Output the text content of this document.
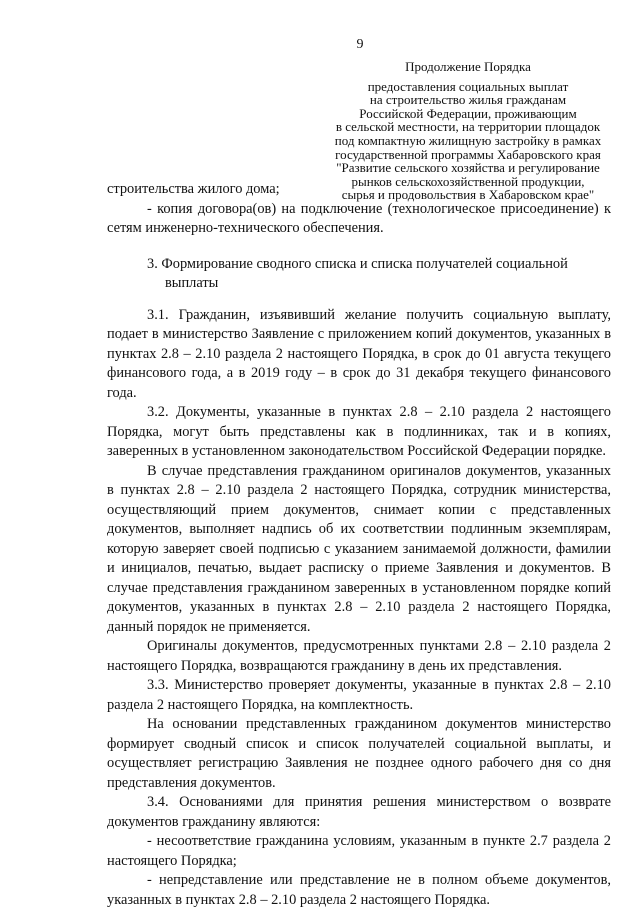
9
Продолжение Порядка
предоставления социальных выплат
на строительство жилья гражданам
Российской Федерации, проживающим
в сельской местности, на территории площадок
под компактную жилищную застройку в рамках
государственной программы Хабаровского края
"Развитие сельского хозяйства и регулирование
рынков сельскохозяйственной продукции,
сырья и продовольствия в Хабаровском крае"

строительства жилого дома;

- копия договора(ов) на подключение (технологическое присоединение) к сетям инженерно-технического обеспечения.

3. Формирование сводного списка и списка получателей социальной
выплаты

3.1. Гражданин, изъявивший желание получить социальную выплату, подает в министерство Заявление с приложением копий документов, указанных в пунктах 2.8 – 2.10 раздела 2 настоящего Порядка, в срок до 01 августа текущего финансового года, а в 2019 году – в срок до 31 декабря текущего финансового года.

3.2. Документы, указанные в пунктах 2.8 – 2.10 раздела 2 настоящего Порядка, могут быть представлены как в подлинниках, так и в копиях, заверенных в установленном законодательством Российской Федерации порядке.

В случае представления гражданином оригиналов документов, указанных в пунктах 2.8 – 2.10 раздела 2 настоящего Порядка, сотрудник министерства, осуществляющий прием документов, снимает копии с представленных документов, выполняет надпись об их соответствии подлинным экземплярам, которую заверяет своей подписью с указанием занимаемой должности, фамилии и инициалов, печатью, выдает расписку о приеме Заявления и документов. В случае представления гражданином заверенных в установленном порядке копий документов, указанных в пунктах 2.8 – 2.10 раздела 2 настоящего Порядка, данный порядок не применяется.

Оригиналы документов, предусмотренных пунктами 2.8 – 2.10 раздела 2 настоящего Порядка, возвращаются гражданину в день их представления.

3.3. Министерство проверяет документы, указанные в пунктах 2.8 – 2.10 раздела 2 настоящего Порядка, на комплектность.

На основании представленных гражданином документов министерство формирует сводный список и список получателей социальной выплаты, и осуществляет регистрацию Заявления не позднее одного рабочего дня со дня представления документов.

3.4. Основаниями для принятия решения министерством о возврате документов гражданину являются:

- несоответствие гражданина условиям, указанным в пункте 2.7 раздела 2 настоящего Порядка;

- непредставление или представление не в полном объеме документов, указанных в пунктах 2.8 – 2.10 раздела 2 настоящего Порядка.
